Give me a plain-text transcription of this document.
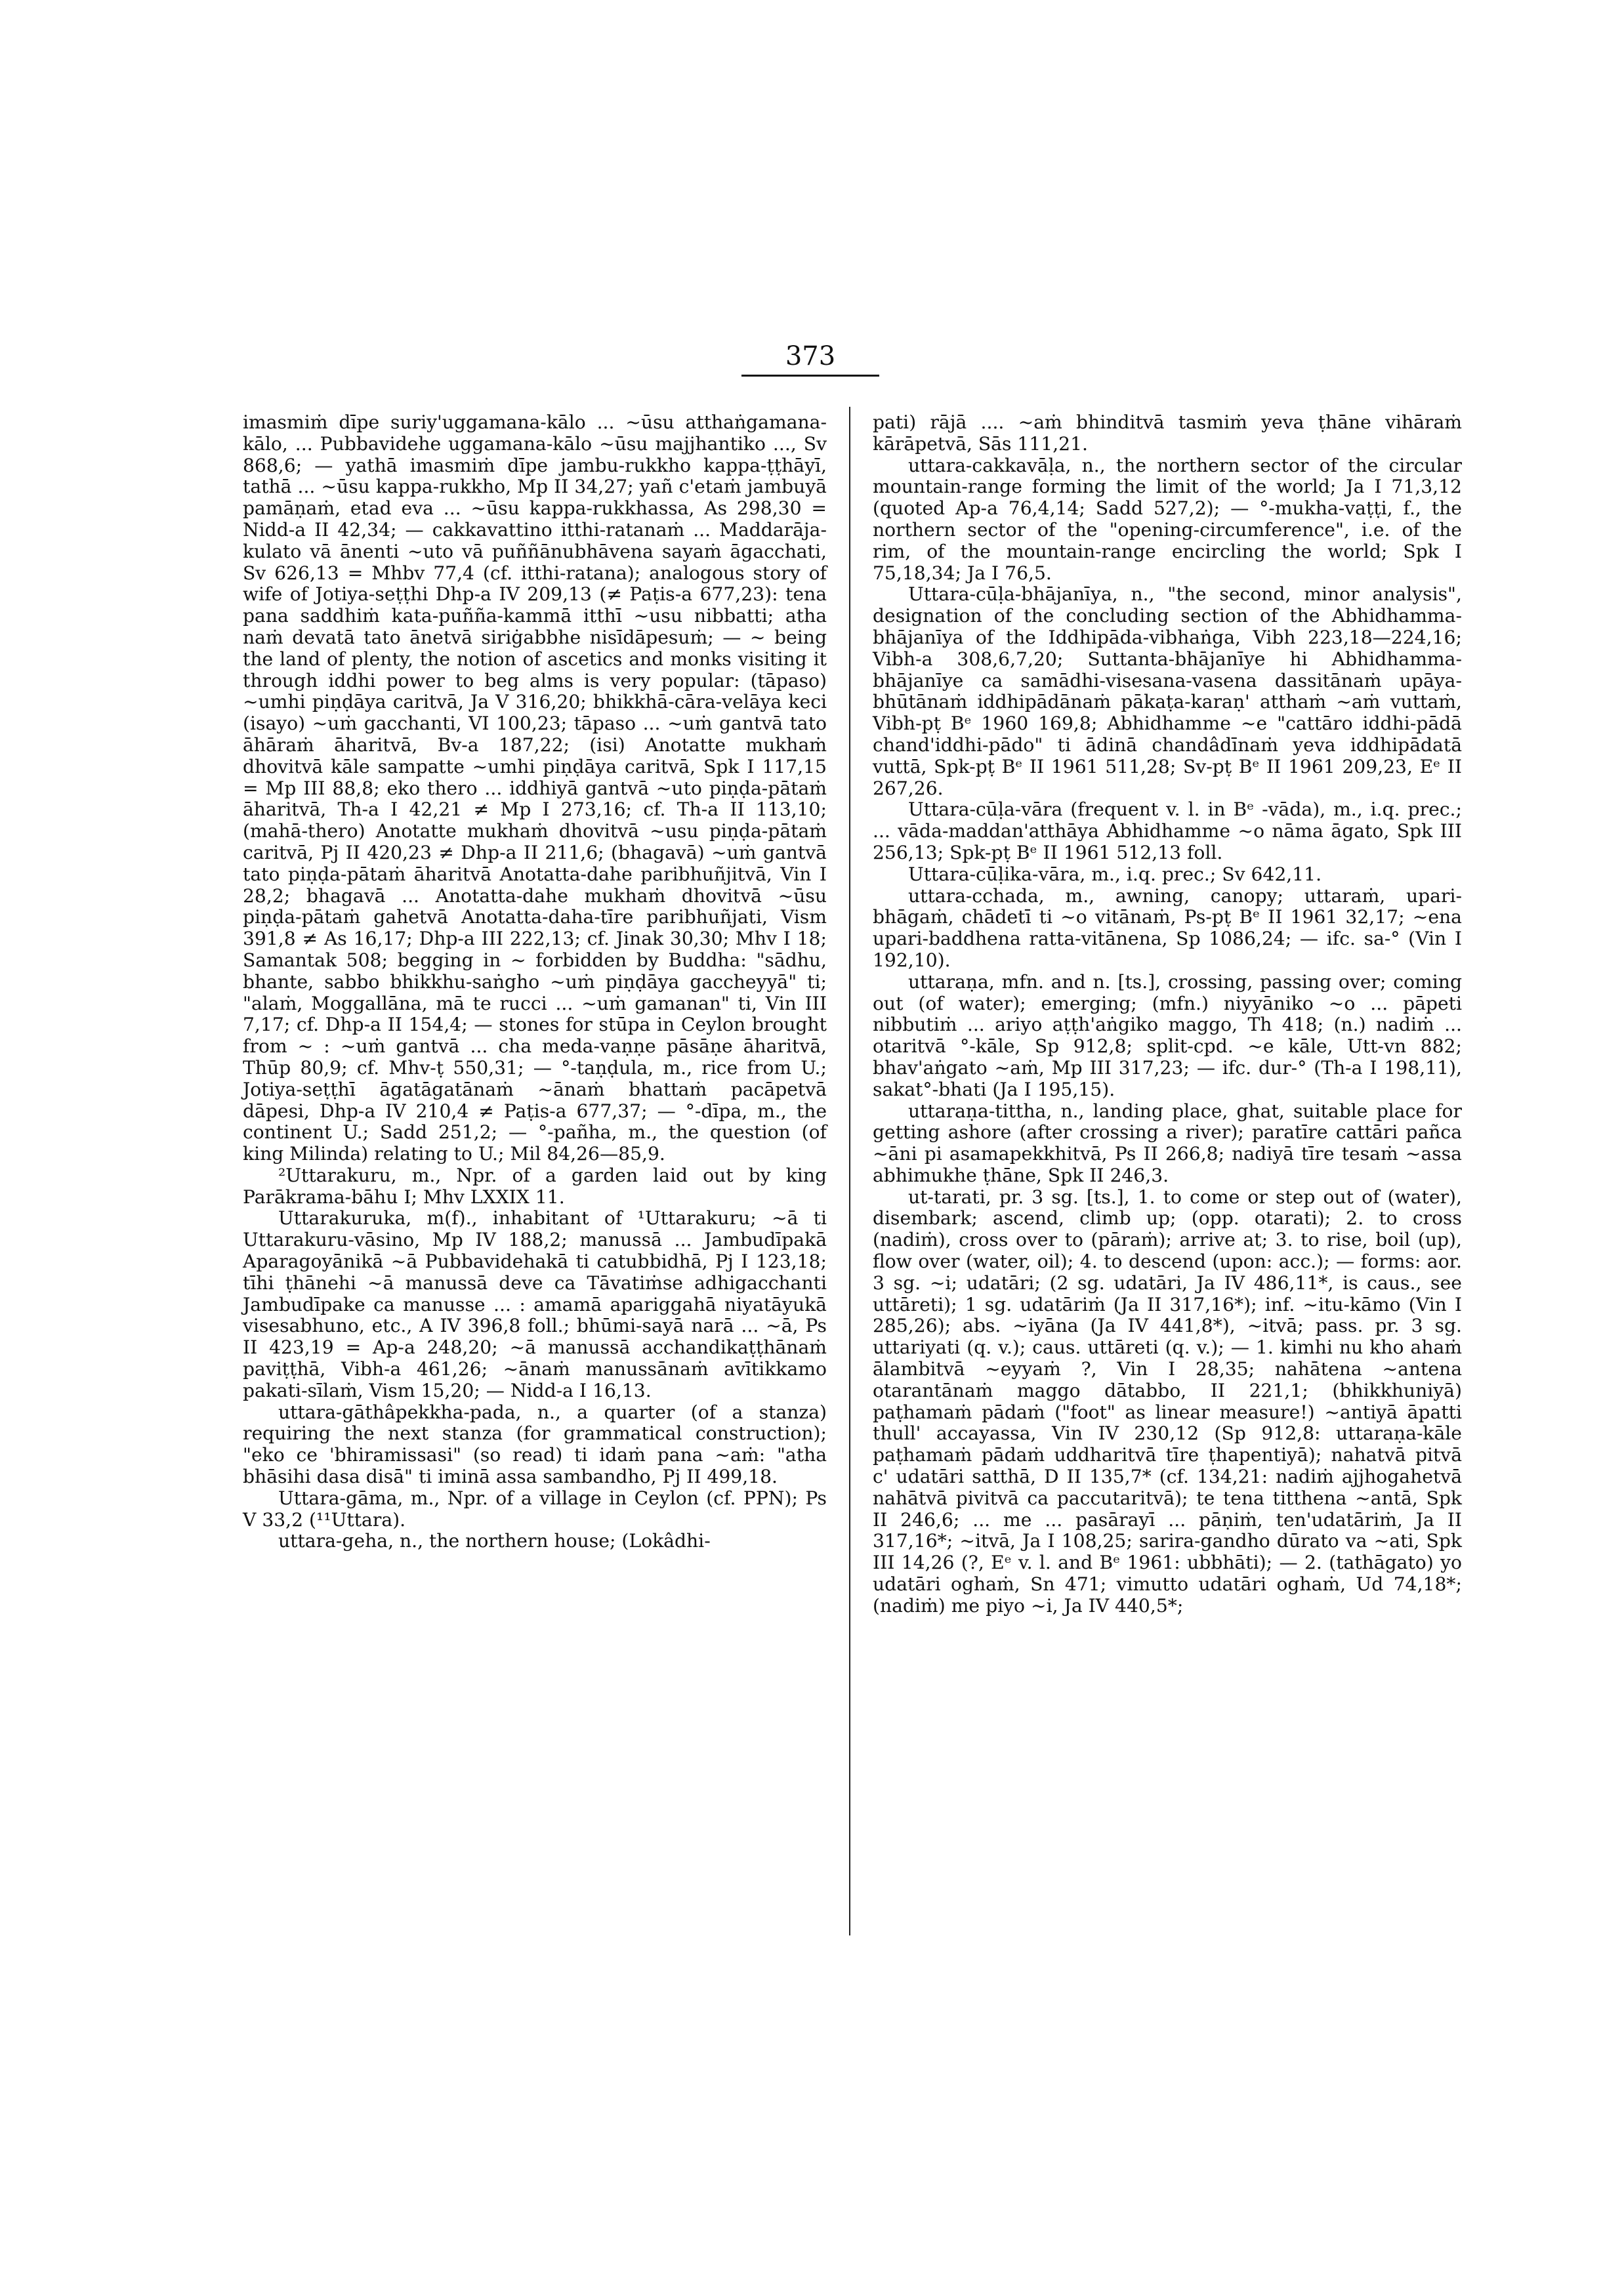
373

imasmiṁ dīpe suriy'uggamana-kālo ... ~ūsu atthaṅgamana-kālo, ... Pubbavidehe uggamana-kālo ~ūsu majjhantiko ..., Sv 868,6; — yathā imasmiṁ dīpe jambu-rukkho kappa-ṭṭhāyī, tathā ... ~ūsu kappa-rukkho, Mp II 34,27; yañ c'etaṁ jambuyā pamāṇaṁ, etad eva ... ~ūsu kappa-rukkhassa, As 298,30 = Nidd-a II 42,34; — cakkavattino itthi-ratanaṁ ... Maddarāja-kulato vā ānenti ~uto vā puññānubhāvena sayaṁ āgacchati, Sv 626,13 = Mhbv 77,4 (cf. itthi-ratana); analogous story of wife of Jotiya-seṭṭhi Dhp-a IV 209,13 (≠ Paṭis-a 677,23): tena pana saddhiṁ kata-puñña-kammā itthī ~usu nibbatti; atha naṁ devatā tato ānetvā siriġabbhe nisīdāpesuṁ; — ~ being the land of plenty, the notion of ascetics and monks visiting it through iddhi power to beg alms is very popular: (tāpaso) ~umhi piṇḍāya caritvā, Ja V 316,20; bhikkhā-cāra-velāya keci (isayo) ~uṁ gacchanti, VI 100,23; tāpaso ... ~uṁ gantvā tato āhāraṁ āharitvā, Bv-a 187,22; (isi) Anotatte mukhaṁ dhovitvā kāle sampatte ~umhi piṇḍāya caritvā, Spk I 117,15 = Mp III 88,8; eko thero ... iddhiyā gantvā ~uto piṇḍa-pātaṁ āharitvā, Th-a I 42,21 ≠ Mp I 273,16; cf. Th-a II 113,10; (mahā-thero) Anotatte mukhaṁ dhovitvā ~usu piṇḍa-pātaṁ caritvā, Pj II 420,23 ≠ Dhp-a II 211,6; (bhagavā) ~uṁ gantvā tato piṇḍa-pātaṁ āharitvā Anotatta-dahe paribhuñjitvā, Vin I 28,2; bhagavā ... Anotatta-dahe mukhaṁ dhovitvā ~ūsu piṇḍa-pātaṁ gahetvā Anotatta-daha-tīre paribhuñjati, Vism 391,8 ≠ As 16,17; Dhp-a III 222,13; cf. Jinak 30,30; Mhv I 18; Samantak 508; begging in ~ forbidden by Buddha: "sādhu, bhante, sabbo bhikkhu-saṅgho ~uṁ piṇḍāya gaccheyyā" ti; "alaṁ, Moggallāna, mā te rucci ... ~uṁ gamanan" ti, Vin III 7,17; cf. Dhp-a II 154,4; — stones for stūpa in Ceylon brought from ~ : ~uṁ gantvā ... cha meda-vaṇṇe pāsāṇe āharitvā, Thūp 80,9; cf. Mhv-ṭ 550,31; — °-taṇḍula, m., rice from U.; Jotiya-seṭṭhī āgatāgatānaṁ ~ānaṁ bhattaṁ pacāpetvā dāpesi, Dhp-a IV 210,4 ≠ Paṭis-a 677,37; — °-dīpa, m., the continent U.; Sadd 251,2; — °-pañha, m., the question (of king Milinda) relating to U.; Mil 84,26—85,9.

²Uttarakuru, m., Npr. of a garden laid out by king Parākrama-bāhu I; Mhv LXXIX 11.

Uttarakuruka, m(f)., inhabitant of ¹Uttarakuru; ~ā ti Uttarakuru-vāsino, Mp IV 188,2; manussā ... Jambudīpakā Aparagoyānikā ~ā Pubbavidehakā ti catubbidhā, Pj I 123,18; tīhi ṭhānehi ~ā manussā deve ca Tāvatiṁse adhigacchanti Jambudīpake ca manusse ... : amamā apariggahā niyatāyukā visesabhuno, etc., A IV 396,8 foll.; bhūmi-sayā narā ... ~ā, Ps II 423,19 = Ap-a 248,20; ~ā manussā acchandikaṭṭhānaṁ paviṭṭhā, Vibh-a 461,26; ~ānaṁ manussānaṁ avītikkamo pakati-sīlaṁ, Vism 15,20; — Nidd-a I 16,13.

uttara-gāthâpekkha-pada, n., a quarter (of a stanza) requiring the next stanza (for grammatical construction); "eko ce 'bhiramissasi" (so read) ti idaṁ pana ~aṁ: "atha bhāsihi dasa disā" ti iminā assa sambandho, Pj II 499,18.

Uttara-gāma, m., Npr. of a village in Ceylon (cf. PPN); Ps V 33,2 (¹¹Uttara).

uttara-geha, n., the northern house; (Lokâdhi-

pati) rājā .... ~aṁ bhinditvā tasmiṁ yeva ṭhāne vihāraṁ kārāpetvā, Sās 111,21.

uttara-cakkavāḷa, n., the northern sector of the circular mountain-range forming the limit of the world; Ja I 71,3,12 (quoted Ap-a 76,4,14; Sadd 527,2); — °-mukha-vaṭṭi, f., the northern sector of the "opening-circumference", i.e. of the rim, of the mountain-range encircling the world; Spk I 75,18,34; Ja I 76,5.

Uttara-cūḷa-bhājanīya, n., "the second, minor analysis", designation of the concluding section of the Abhidhamma-bhājanīya of the Iddhipāda-vibhaṅga, Vibh 223,18—224,16; Vibh-a 308,6,7,20; Suttanta-bhājanīye hi Abhidhamma-bhājanīye ca samādhi-visesana-vasena dassitānaṁ upāya-bhūtānaṁ iddhipādānaṁ pākaṭa-karaṇ' atthaṁ ~aṁ vuttaṁ, Vibh-pṭ Bᵉ 1960 169,8; Abhidhamme ~e "cattāro iddhi-pādā chand'iddhi-pādo" ti ādinā chandâdīnaṁ yeva iddhipādatā vuttā, Spk-pṭ Bᵉ II 1961 511,28; Sv-pṭ Bᵉ II 1961 209,23, Eᵉ II 267,26.

Uttara-cūḷa-vāra (frequent v. l. in Bᵉ -vāda), m., i.q. prec.; ... vāda-maddan'atthāya Abhidhamme ~o nāma āgato, Spk III 256,13; Spk-pṭ Bᵉ II 1961 512,13 foll.

Uttara-cūḷika-vāra, m., i.q. prec.; Sv 642,11.

uttara-cchada, m., awning, canopy; uttaraṁ, upari-bhāgaṁ, chādetī ti ~o vitānaṁ, Ps-pṭ Bᵉ II 1961 32,17; ~ena upari-baddhena ratta-vitānena, Sp 1086,24; — ifc. sa-° (Vin I 192,10).

uttaraṇa, mfn. and n. [ts.], crossing, passing over; coming out (of water); emerging; (mfn.) niyyāniko ~o ... pāpeti nibbutiṁ ... ariyo aṭṭh'aṅgiko maggo, Th 418; (n.) nadiṁ ... otaritvā °-kāle, Sp 912,8; split-cpd. ~e kāle, Utt-vn 882; bhav'aṅgato ~aṁ, Mp III 317,23; — ifc. dur-° (Th-a I 198,11), sakat°-bhati (Ja I 195,15).

uttaraṇa-tittha, n., landing place, ghat, suitable place for getting ashore (after crossing a river); paratīre cattāri pañca ~āni pi asamapekkhitvā, Ps II 266,8; nadiyā tīre tesaṁ ~assa abhimukhe ṭhāne, Spk II 246,3.

ut-tarati, pr. 3 sg. [ts.], 1. to come or step out of (water), disembark; ascend, climb up; (opp. otarati); 2. to cross (nadiṁ), cross over to (pāraṁ); arrive at; 3. to rise, boil (up), flow over (water, oil); 4. to descend (upon: acc.); — forms: aor. 3 sg. ~i; udatāri; (2 sg. udatāri, Ja IV 486,11*, is caus., see uttāreti); 1 sg. udatāriṁ (Ja II 317,16*); inf. ~itu-kāmo (Vin I 285,26); abs. ~iyāna (Ja IV 441,8*), ~itvā; pass. pr. 3 sg. uttariyati (q. v.); caus. uttāreti (q. v.); — 1. kimhi nu kho ahaṁ ālambitvā ~eyyaṁ ?, Vin I 28,35; nahātena ~antena otarantānaṁ maggo dātabbo, II 221,1; (bhikkhuniyā) paṭhamaṁ pādaṁ ("foot" as linear measure!) ~antiyā āpatti thull' accayassa, Vin IV 230,12 (Sp 912,8: uttaraṇa-kāle paṭhamaṁ pādaṁ uddharitvā tīre ṭhapentiyā); nahatvā pitvā c' udatāri satthā, D II 135,7* (cf. 134,21: nadiṁ ajjhogahetvā nahātvā pivitvā ca paccutaritvā); te tena titthena ~antā, Spk II 246,6; ... me ... pasārayī ... pāṇiṁ, ten'udatāriṁ, Ja II 317,16*; ~itvā, Ja I 108,25; sarira-gandho dūrato va ~ati, Spk III 14,26 (?, Eᵉ v. l. and Bᵉ 1961: ubbhāti); — 2. (tathāgato) yo udatāri oghaṁ, Sn 471; vimutto udatāri oghaṁ, Ud 74,18*; (nadiṁ) me piyo ~i, Ja IV 440,5*;
